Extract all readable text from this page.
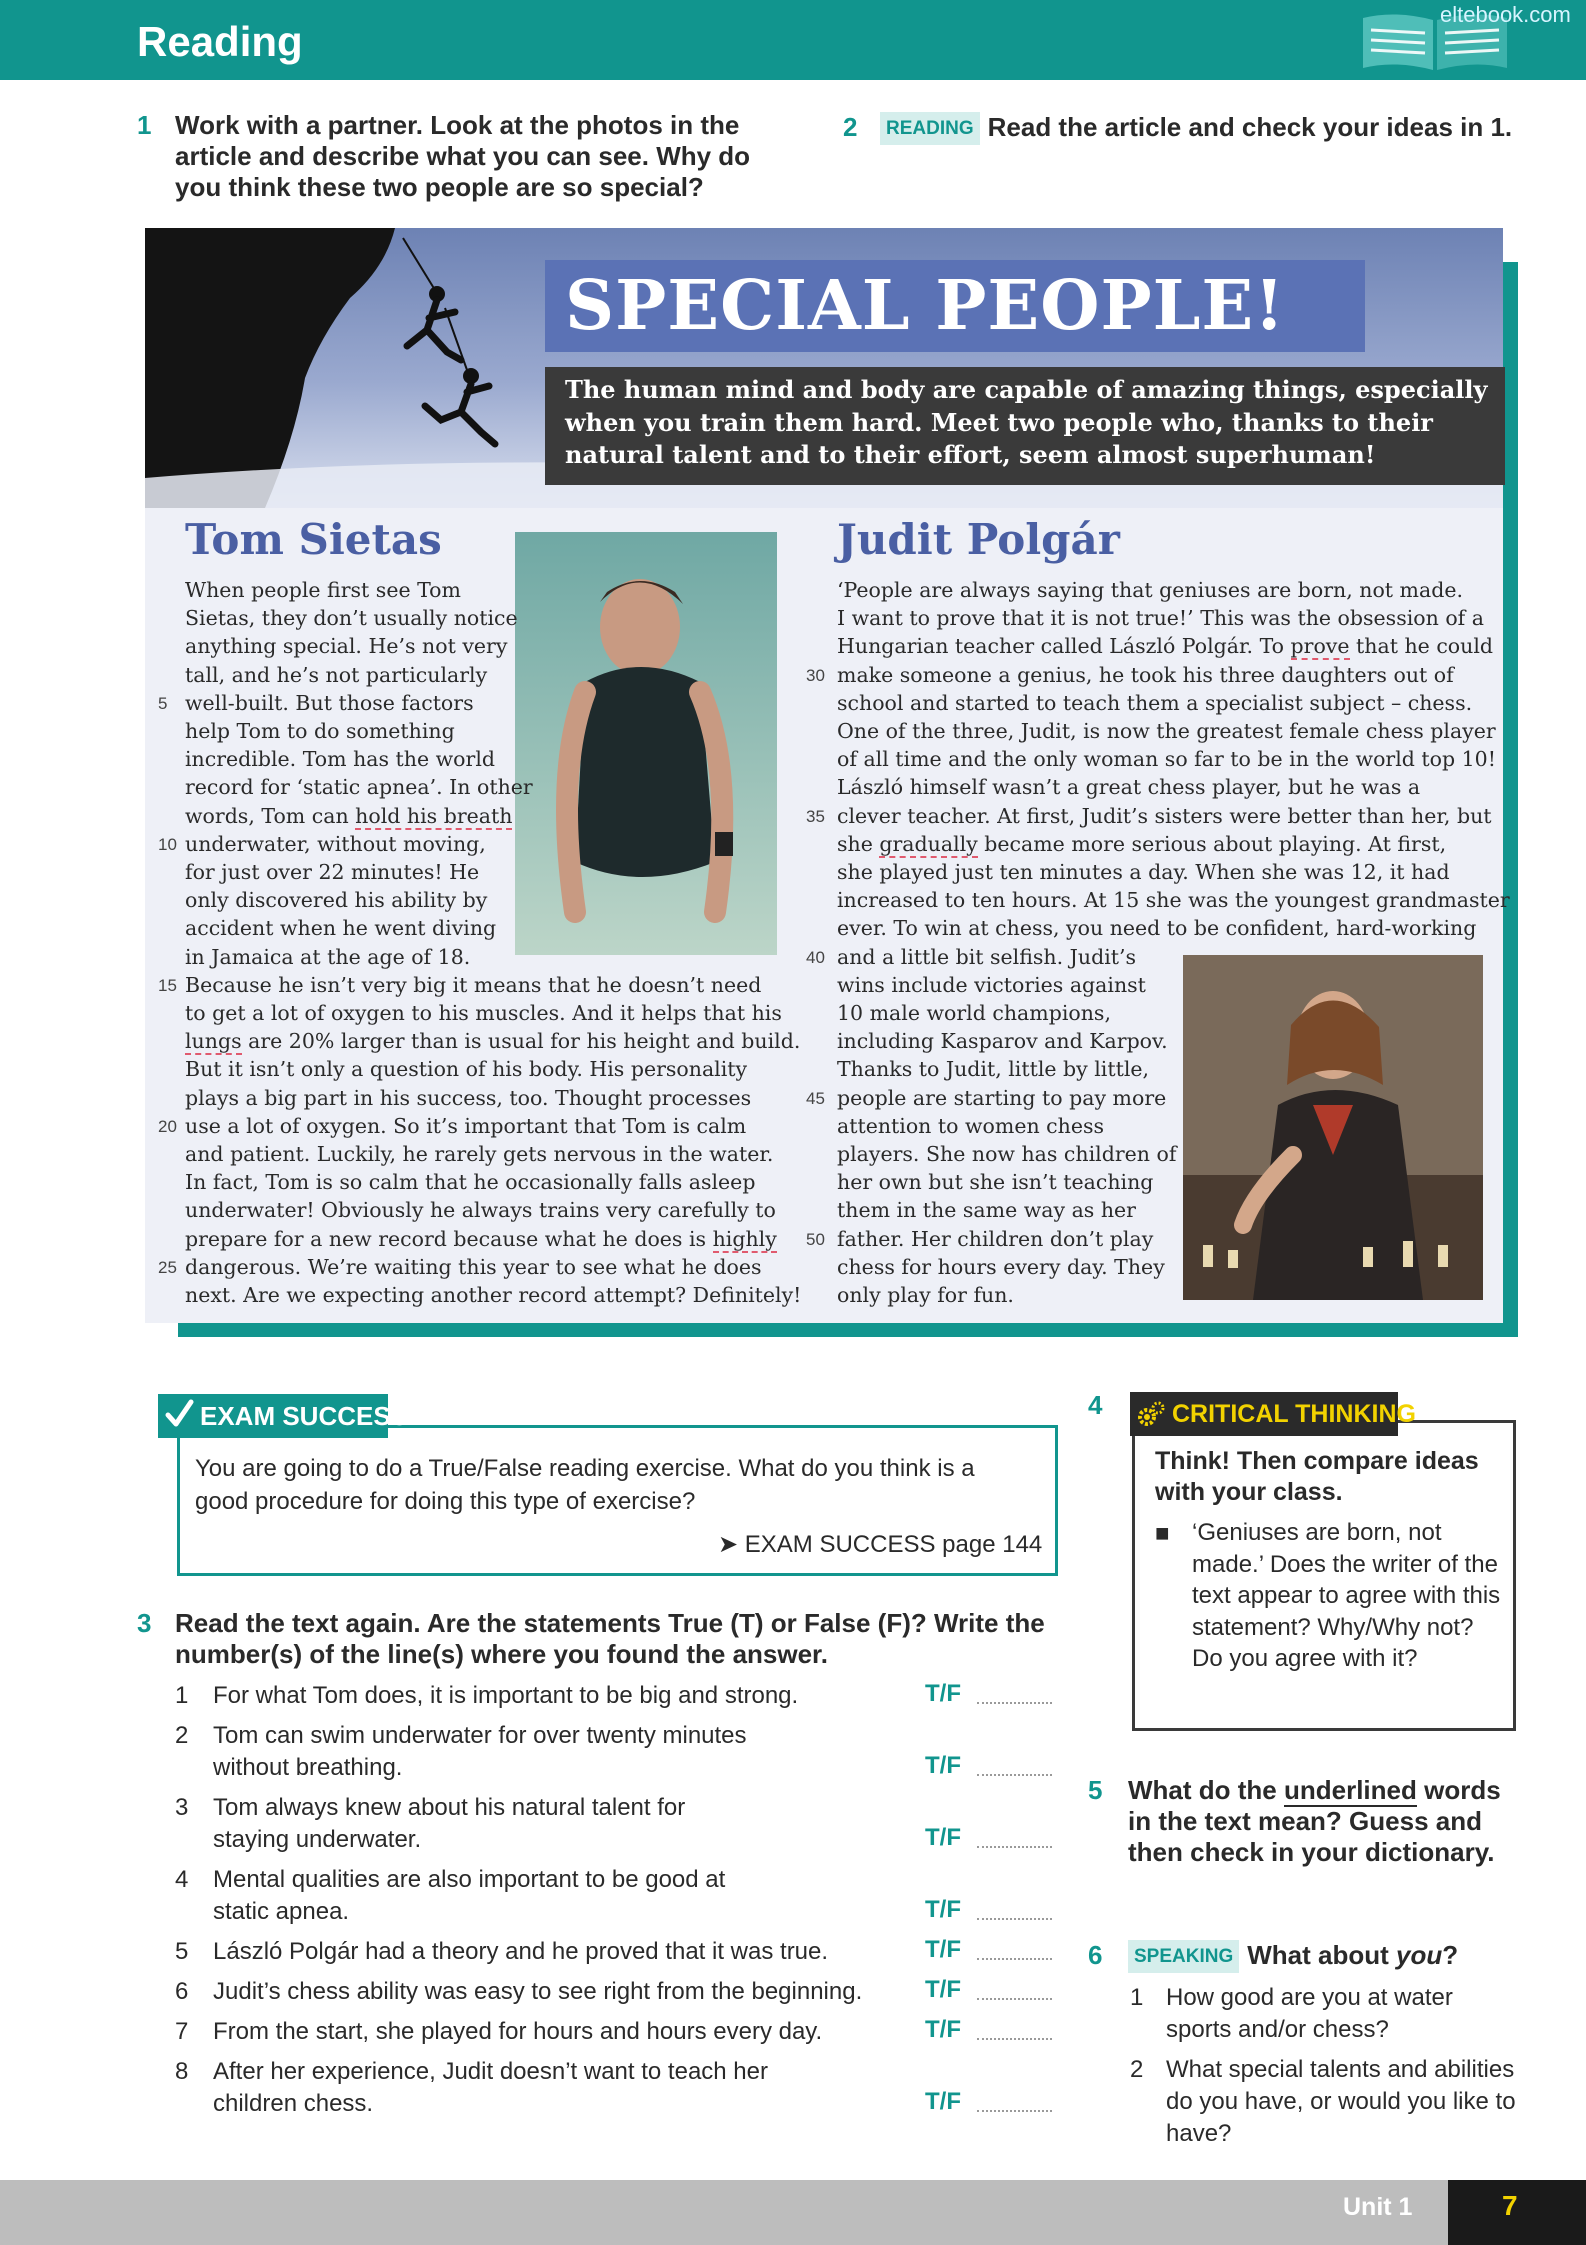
Reading
eltebook.com
1 Work with a partner. Look at the photos in the article and describe what you can see. Why do you think these two people are so special?
2	READING Read the article and check your ideas in 1.
SPECIAL PEOPLE!
The human mind and body are capable of amazing things, especially when you train them hard. Meet two people who, thanks to their natural talent and to their effort, seem almost superhuman!
Tom Sietas
When people first see Tom
Sietas, they don’t usually notice
anything special. He’s not very
tall, and he’s not particularly
well-built. But those factors
help Tom to do something
incredible. Tom has the world
record for ‘static apnea’. In other
words, Tom can hold his breath
underwater, without moving,
for just over 22 minutes! He
only discovered his ability by
accident when he went diving
in Jamaica at the age of 18.
Because he isn’t very big it means that he doesn’t need
to get a lot of oxygen to his muscles. And it helps that his
lungs are 20% larger than is usual for his height and build.
But it isn’t only a question of his body. His personality
plays a big part in his success, too. Thought processes
use a lot of oxygen. So it’s important that Tom is calm
and patient. Luckily, he rarely gets nervous in the water.
In fact, Tom is so calm that he occasionally falls asleep
underwater! Obviously he always trains very carefully to
prepare for a new record because what he does is highly
dangerous. We’re waiting this year to see what he does
next. Are we expecting another record attempt? Definitely!
5
10
15
20
25
Judit Polgár
‘People are always saying that geniuses are born, not made.
I want to prove that it is not true!’ This was the obsession of a
Hungarian teacher called László Polgár. To prove that he could
make someone a genius, he took his three daughters out of
school and started to teach them a specialist subject – chess.
One of the three, Judit, is now the greatest female chess player
of all time and the only woman so far to be in the world top 10!
László himself wasn’t a great chess player, but he was a
clever teacher. At first, Judit’s sisters were better than her, but
she gradually became more serious about playing. At first,
she played just ten minutes a day. When she was 12, it had
increased to ten hours. At 15 she was the youngest grandmaster
ever. To win at chess, you need to be confident, hard-working
and a little bit selfish. Judit’s
wins include victories against
10 male world champions,
including Kasparov and Karpov.
Thanks to Judit, little by little,
people are starting to pay more
attention to women chess
players. She now has children of
her own but she isn’t teaching
them in the same way as her
father. Her children don’t play
chess for hours every day. They
only play for fun.
30
35
40
45
50
EXAM SUCCESS
You are going to do a True/False reading exercise. What do you think is a good procedure for doing this type of exercise?
➤ EXAM SUCCESS page 144
3 Read the text again. Are the statements True (T) or False (F)? Write the number(s) of the line(s) where you found the answer.
1 For what Tom does, it is important to be big and strong.	T/F
2 Tom can swim underwater for over twenty minutes
without breathing.	T/F
3 Tom always knew about his natural talent for
staying underwater.	T/F
4 Mental qualities are also important to be good at
static apnea.	T/F
5 László Polgár had a theory and he proved that it was true.	T/F
6 Judit’s chess ability was easy to see right from the beginning.	T/F
7 From the start, she played for hours and hours every day.	T/F
8 After her experience, Judit doesn’t want to teach her
children chess.	T/F
4	CRITICAL THINKING
Think! Then compare ideas with your class.
■ ‘Geniuses are born, not made.’ Does the writer of the text appear to agree with this statement? Why/Why not? Do you agree with it?
5 What do the underlined words in the text mean? Guess and then check in your dictionary.
6	SPEAKING What about you?
1 How good are you at water sports and/or chess?
2 What special talents and abilities do you have, or would you like to have?
Unit 1	7
